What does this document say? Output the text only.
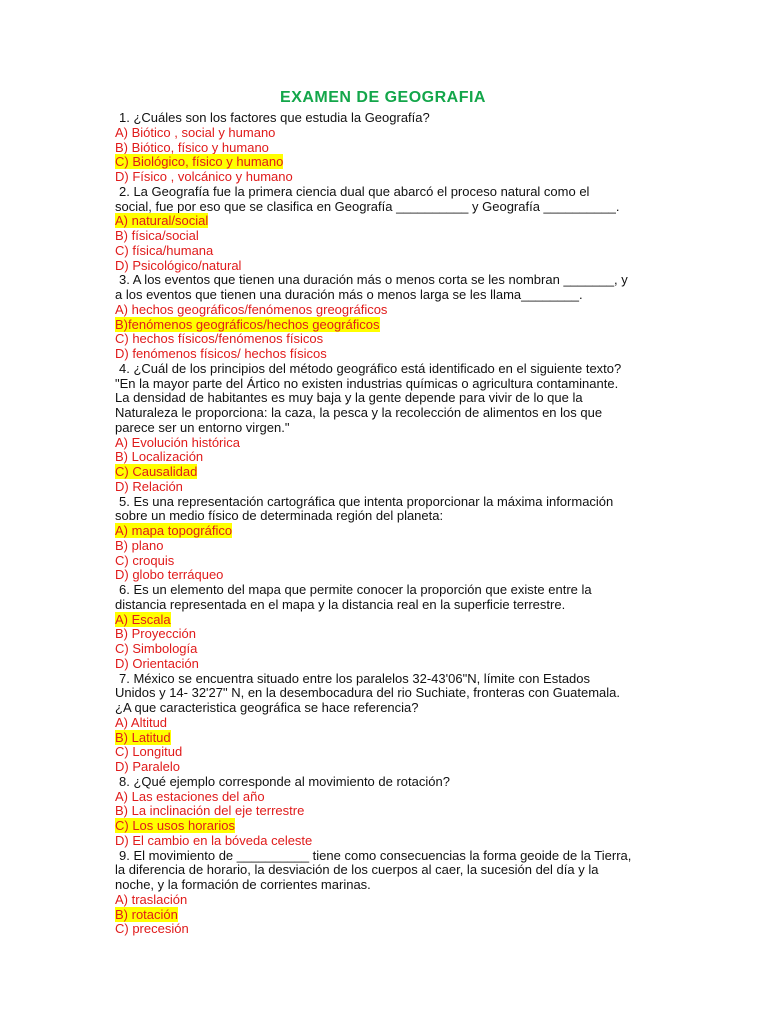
EXAMEN DE GEOGRAFIA
1. ¿Cuáles son los factores que estudia la Geografía?
A) Biótico , social y humano
B) Biótico, físico y humano
C) Biológico, físico y humano
D) Físico , volcánico y humano
2. La Geografía fue la primera ciencia dual que abarcó el proceso natural como el
social, fue por eso que se clasifica en Geografía __________ y Geografía __________.
A) natural/social
B) física/social
C) física/humana
D) Psicológico/natural
3. A los eventos que tienen una duración más o menos corta se les nombran _______, y
a los eventos que tienen una duración más o menos larga se les llama________.
A) hechos geográficos/fenómenos greográficos
B)fenómenos geográficos/hechos geográficos
C) hechos físicos/fenómenos físicos
D) fenómenos físicos/ hechos físicos
4. ¿Cuál de los principios del método geográfico está identificado en el siguiente texto?
"En la mayor parte del Ártico no existen industrias químicas o agricultura contaminante.
La densidad de habitantes es muy baja y la gente depende para vivir de lo que la
Naturaleza le proporciona: la caza, la pesca y la recolección de alimentos en los que
parece ser un entorno virgen."
A) Evolución histórica
B) Localización
C) Causalidad
D) Relación
5. Es una representación cartográfica que intenta proporcionar la máxima información
sobre un medio físico de determinada región del planeta:
A) mapa topográfico
B) plano
C) croquis
D) globo terráqueo
6. Es un elemento del mapa que permite conocer la proporción que existe entre la
distancia representada en el mapa y la distancia real en la superficie terrestre.
A) Escala
B) Proyección
C) Simbología
D) Orientación
7. México se encuentra situado entre los paralelos 32-43'06"N, límite con Estados
Unidos y 14- 32'27" N, en la desembocadura del rio Suchiate, fronteras con Guatemala.
¿A que caracteristica geográfica se hace referencia?
A) Altitud
B) Latitud
C) Longitud
D) Paralelo
8. ¿Qué ejemplo corresponde al movimiento de rotación?
A) Las estaciones del año
B) La inclinación del eje terrestre
C) Los usos horarios
D) El cambio en la bóveda celeste
9. El movimiento de __________ tiene como consecuencias la forma geoide de la Tierra,
la diferencia de horario, la desviación de los cuerpos al caer, la sucesión del día y la
noche, y la formación de corrientes marinas.
A) traslación
B) rotación
C) precesión
